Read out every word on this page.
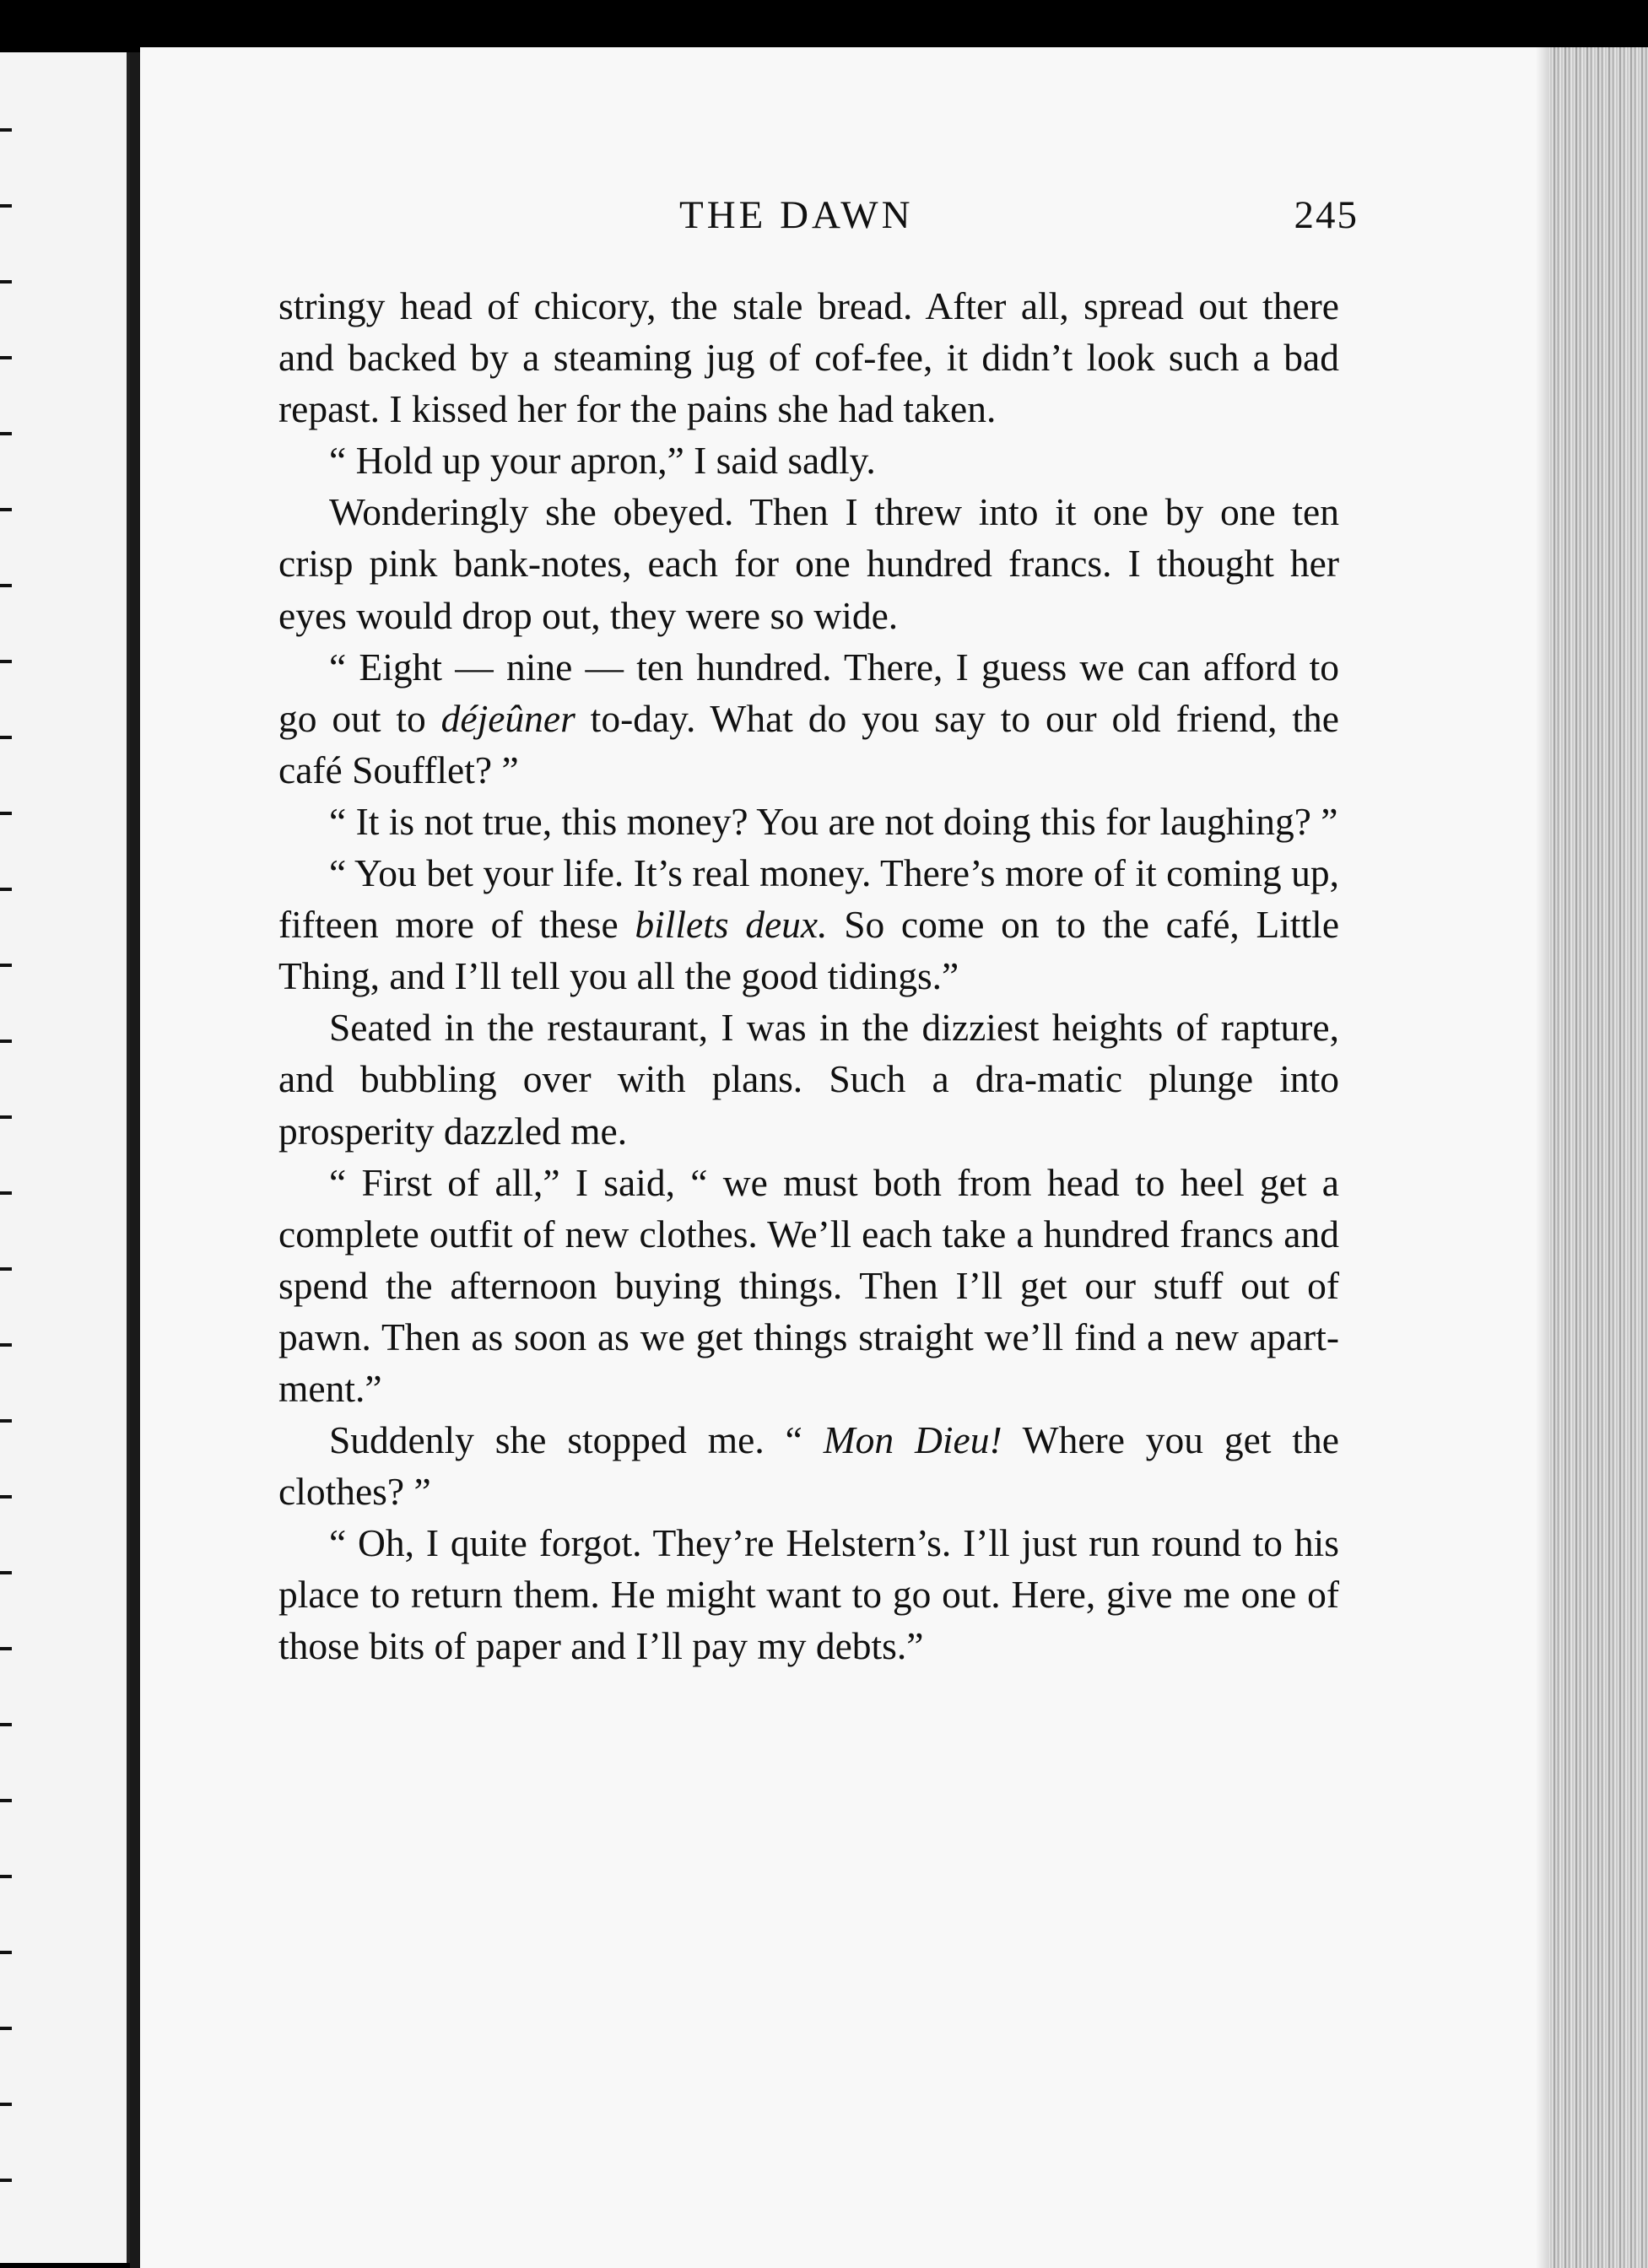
THE DAWN	245

stringy head of chicory, the stale bread. After all, spread out there and backed by a steaming jug of cof-fee, it didn’t look such a bad repast. I kissed her for the pains she had taken.

“ Hold up your apron,” I said sadly.

Wonderingly she obeyed. Then I threw into it one by one ten crisp pink bank-notes, each for one hundred francs. I thought her eyes would drop out, they were so wide.

“ Eight — nine — ten hundred. There, I guess we can afford to go out to déjeûner to-day. What do you say to our old friend, the café Soufflet? ”

“ It is not true, this money? You are not doing this for laughing? ”

“ You bet your life. It’s real money. There’s more of it coming up, fifteen more of these billets deux. So come on to the café, Little Thing, and I’ll tell you all the good tidings.”

Seated in the restaurant, I was in the dizziest heights of rapture, and bubbling over with plans. Such a dra-matic plunge into prosperity dazzled me.

“ First of all,” I said, “ we must both from head to heel get a complete outfit of new clothes. We’ll each take a hundred francs and spend the afternoon buying things. Then I’ll get our stuff out of pawn. Then as soon as we get things straight we’ll find a new apart-ment.”

Suddenly she stopped me. “ Mon Dieu! Where you get the clothes? ”

“ Oh, I quite forgot. They’re Helstern’s. I’ll just run round to his place to return them. He might want to go out. Here, give me one of those bits of paper and I’ll pay my debts.”
